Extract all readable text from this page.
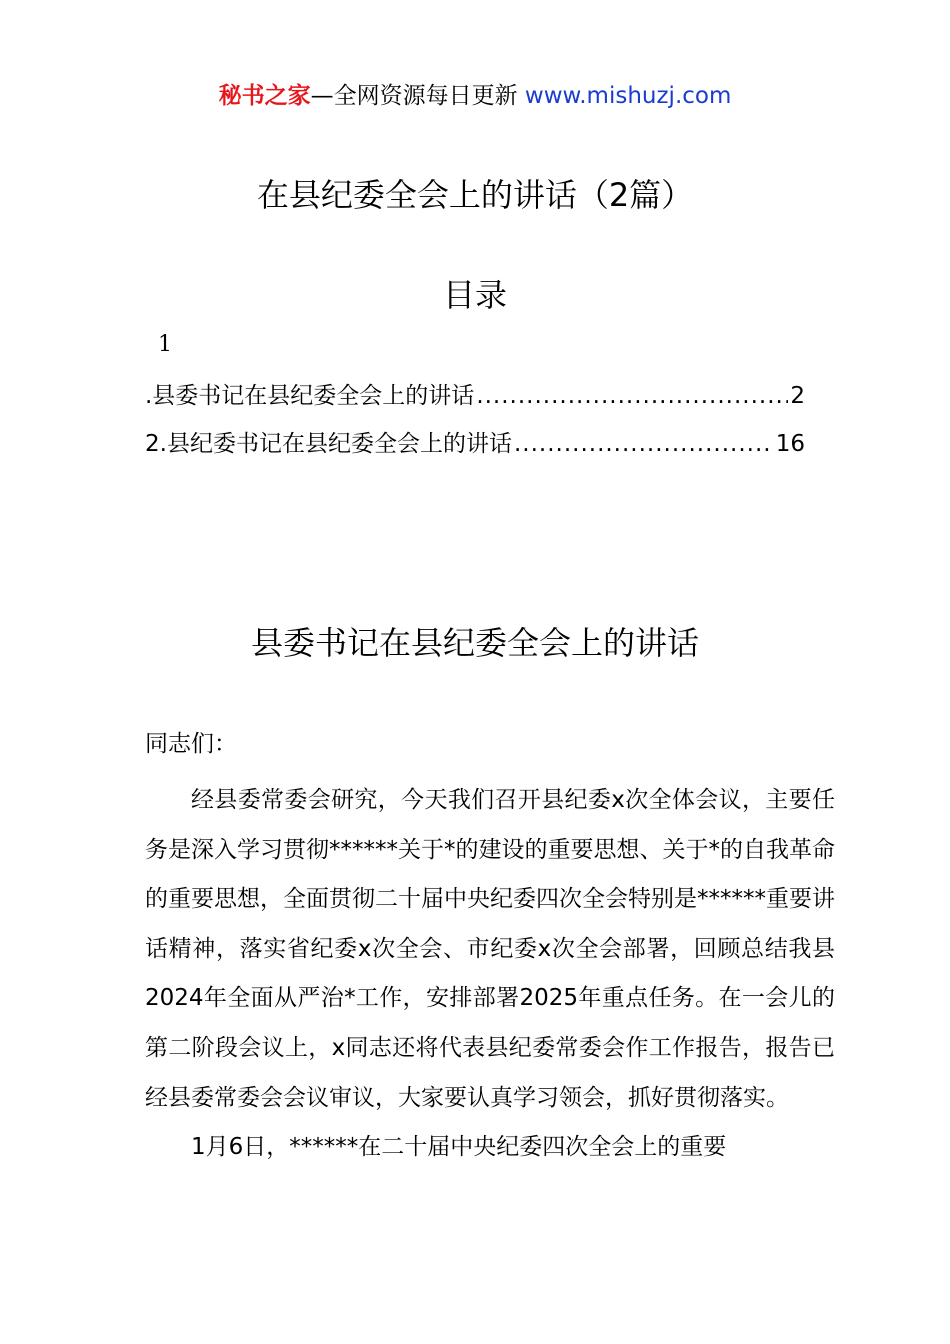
秘书之家—全网资源每日更新 www.mishuzj.com
在县纪委全会上的讲话（2篇）
目录
1
.县委书记在县纪委全会上的讲话 .....	2
2.县纪委书记在县纪委全会上的讲话 .....	16
县委书记在县纪委全会上的讲话
同志们：

经县委常委会研究，今天我们召开县纪委x次全体会议，主要任务是深入学习贯彻******关于*的建设的重要思想、关于*的自我革命的重要思想，全面贯彻二十届中央纪委四次全会特别是******重要讲话精神，落实省纪委x次全会、市纪委x次全会部署，回顾总结我县2024年全面从严治*工作，安排部署2025年重点任务。在一会儿的第二阶段会议上，x同志还将代表县纪委常委会作工作报告，报告已经县委常委会会议审议，大家要认真学习领会，抓好贯彻落实。

1月6日，******在二十届中央纪委四次全会上的重要
